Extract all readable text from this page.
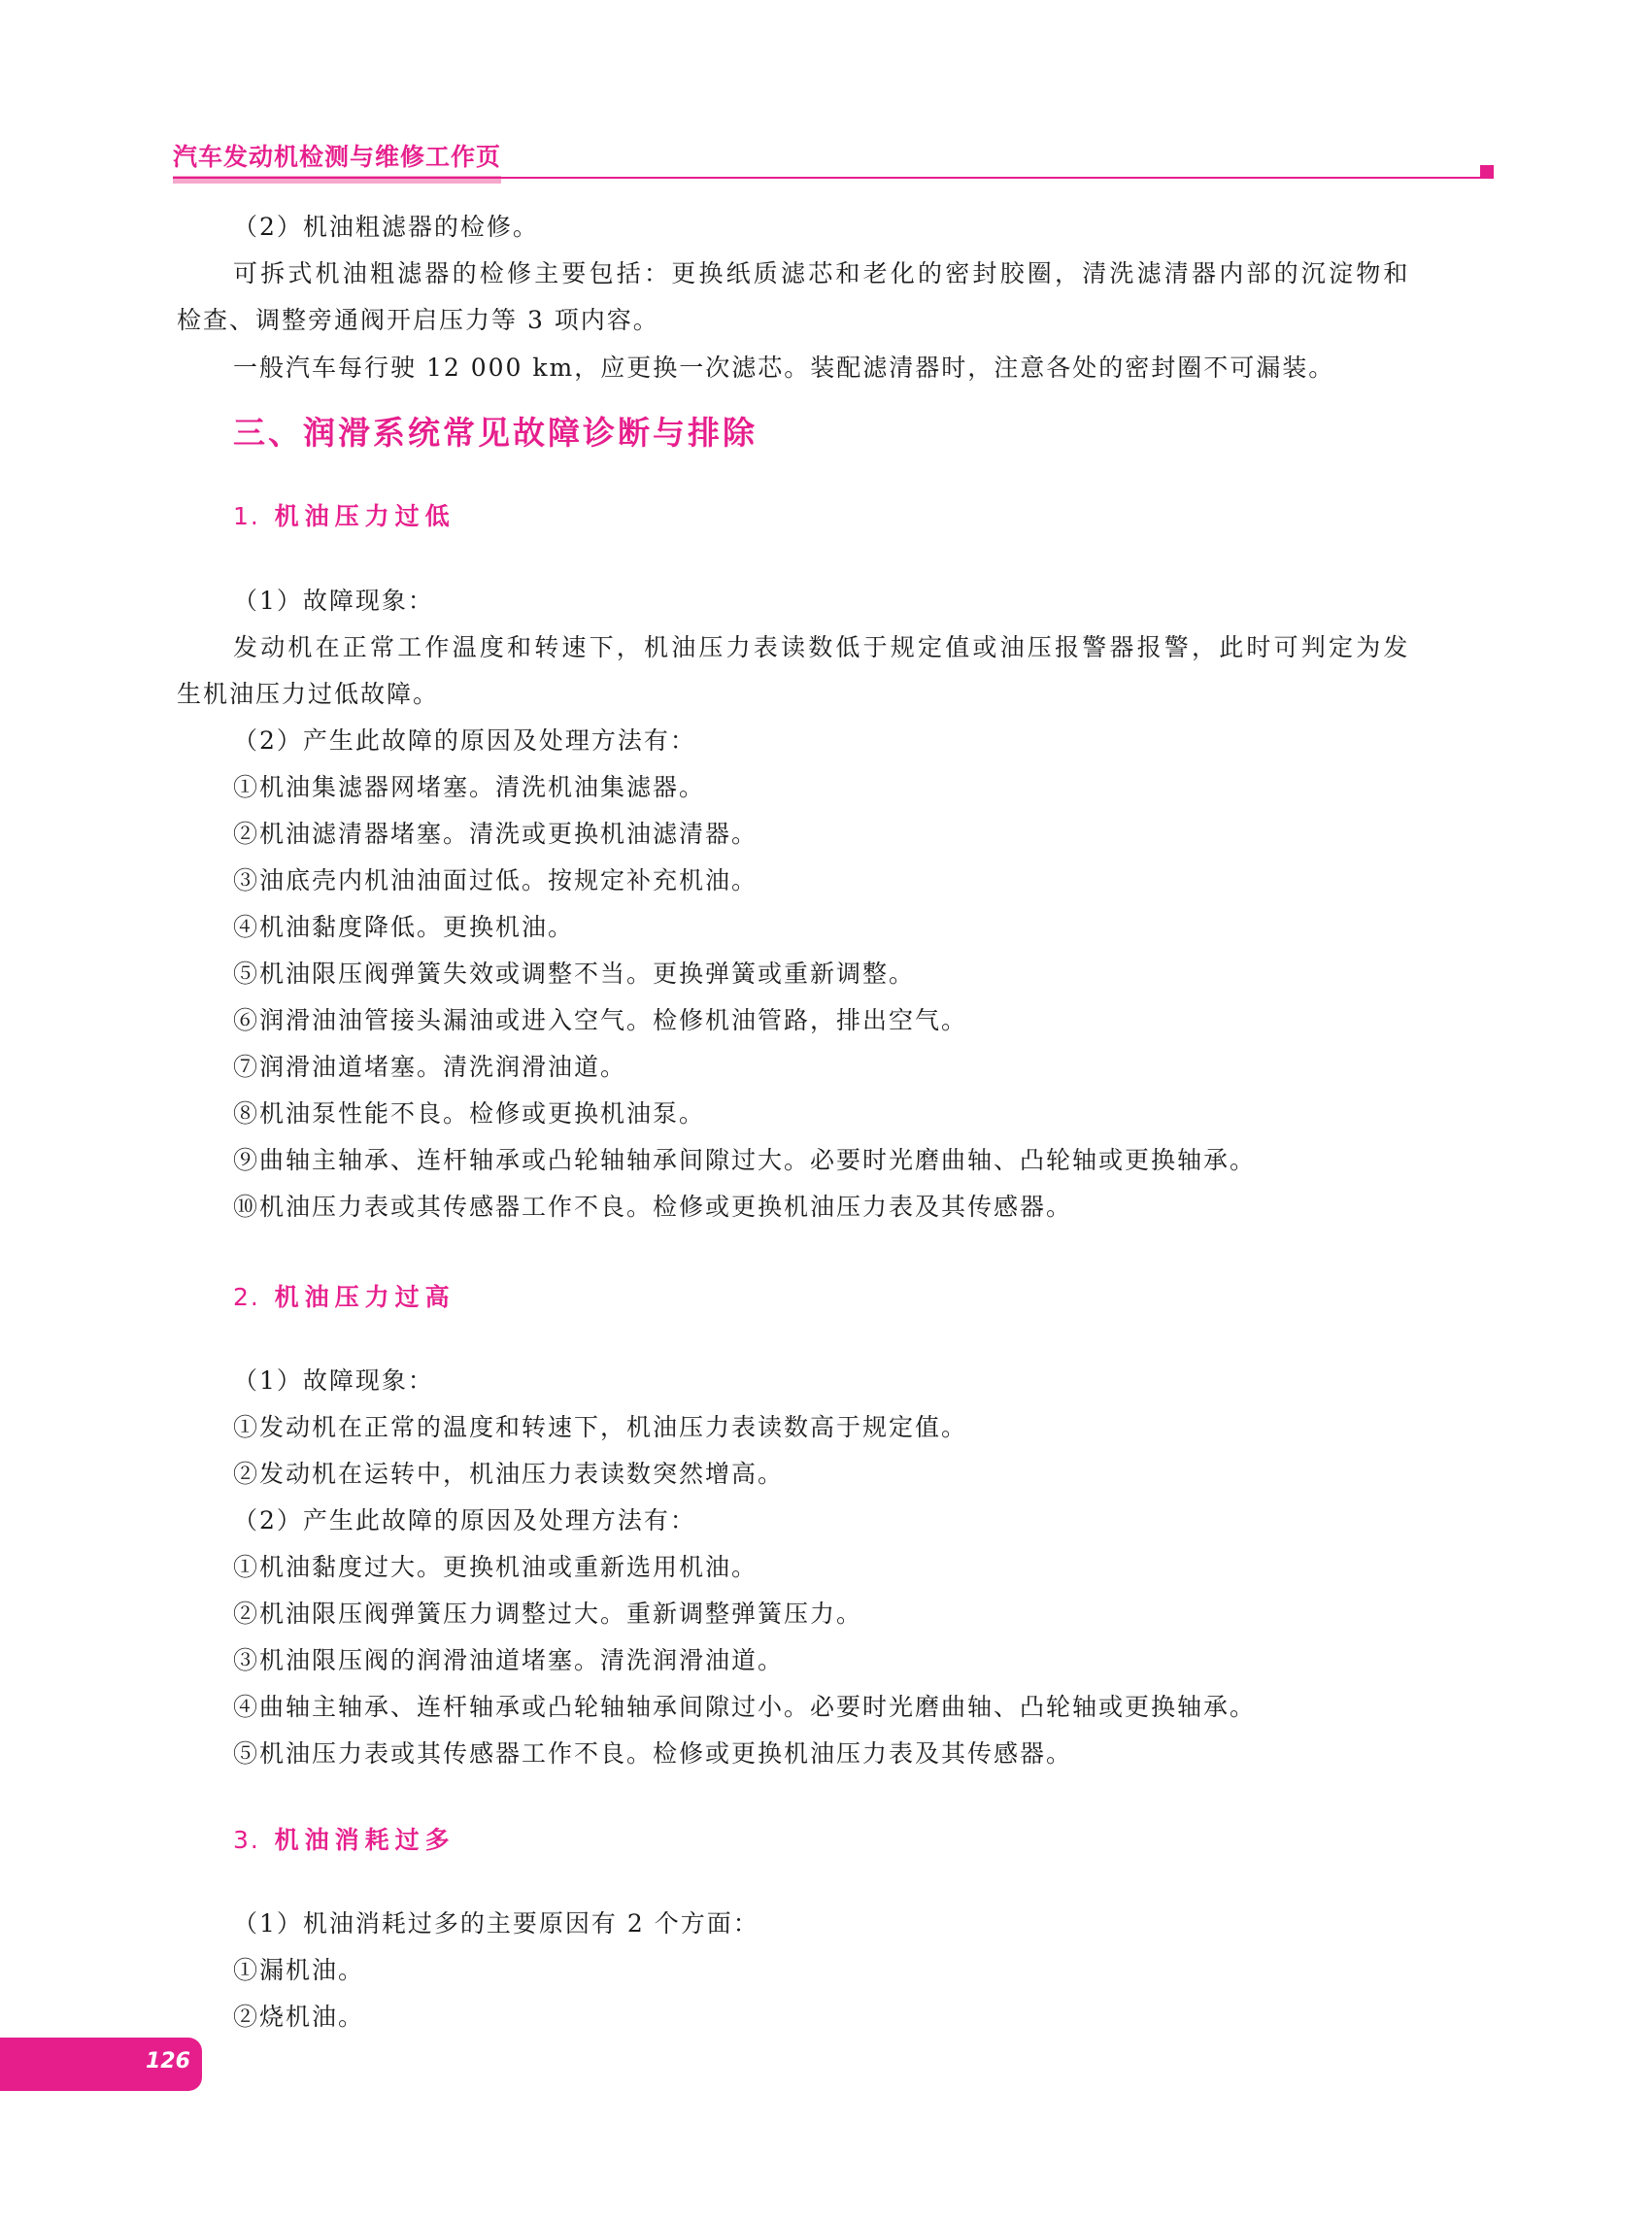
汽车发动机检测与维修工作页
（2）机油粗滤器的检修。
可拆式机油粗滤器的检修主要包括：更换纸质滤芯和老化的密封胶圈，清洗滤清器内部的沉淀物和
检查、调整旁通阀开启压力等 3 项内容。
一般汽车每行驶 12 000 km，应更换一次滤芯。装配滤清器时，注意各处的密封圈不可漏装。
三、润滑系统常见故障诊断与排除
1. 机油压力过低
（1）故障现象：
发动机在正常工作温度和转速下，机油压力表读数低于规定值或油压报警器报警，此时可判定为发
生机油压力过低故障。
（2）产生此故障的原因及处理方法有：
①机油集滤器网堵塞。清洗机油集滤器。
②机油滤清器堵塞。清洗或更换机油滤清器。
③油底壳内机油油面过低。按规定补充机油。
④机油黏度降低。更换机油。
⑤机油限压阀弹簧失效或调整不当。更换弹簧或重新调整。
⑥润滑油油管接头漏油或进入空气。检修机油管路，排出空气。
⑦润滑油道堵塞。清洗润滑油道。
⑧机油泵性能不良。检修或更换机油泵。
⑨曲轴主轴承、连杆轴承或凸轮轴轴承间隙过大。必要时光磨曲轴、凸轮轴或更换轴承。
⑩机油压力表或其传感器工作不良。检修或更换机油压力表及其传感器。
2. 机油压力过高
（1）故障现象：
①发动机在正常的温度和转速下，机油压力表读数高于规定值。
②发动机在运转中，机油压力表读数突然增高。
（2）产生此故障的原因及处理方法有：
①机油黏度过大。更换机油或重新选用机油。
②机油限压阀弹簧压力调整过大。重新调整弹簧压力。
③机油限压阀的润滑油道堵塞。清洗润滑油道。
④曲轴主轴承、连杆轴承或凸轮轴轴承间隙过小。必要时光磨曲轴、凸轮轴或更换轴承。
⑤机油压力表或其传感器工作不良。检修或更换机油压力表及其传感器。
3. 机油消耗过多
（1）机油消耗过多的主要原因有 2 个方面：
①漏机油。
②烧机油。
126
